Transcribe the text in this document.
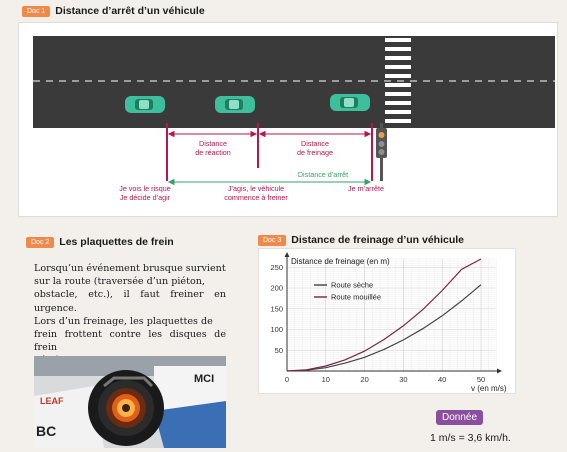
Doc 1 Distance d’arrêt d’un véhicule
Distance
de réaction
Distance
de freinage
Je vois le risque
Je décide d’agir
J’agis, le véhicule
commence à freiner
Je m’arrête
Distance d’arrêt
Doc 2 Les plaquettes de frein
Lorsqu’un événement brusque survient
sur la route (traversée d’un piéton,
obstacle, etc.), il faut freiner en urgence.
Lors d’un freinage, les plaquettes de
frein frottent contre les disques de frein
MCI
LEAF
BC
Doc 3 Distance de freinage d’un véhicule
0	10	20	30	40	50
50
100
150
200
250
Distance de freinage (en m)
v (en m/s)
Route sèche
Route mouillée
Donnée
1 m/s = 3,6 km/h.
